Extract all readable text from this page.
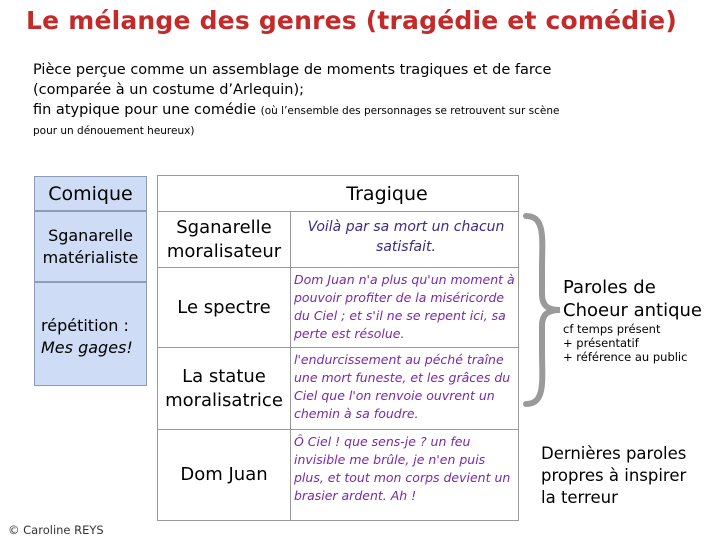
Le mélange des genres (tragédie et comédie)
Pièce perçue comme un assemblage de moments tragiques et de farce
(comparée à un costume d’Arlequin);
fin atypique pour une comédie (où l’ensemble des personnages se retrouvent sur scène
pour un dénouement heureux)
Comique
Sganarelle
matérialiste
répétition :
Mes gages!
Tragique
Sganarelle
moralisateur
Voilà par sa mort un chacun satisfait.
Le spectre
Dom Juan n'a plus qu'un moment à pouvoir profiter de la miséricorde du Ciel ; et s'il ne se repent ici, sa perte est résolue.
La statue
moralisatrice
l'endurcissement au péché traîne une mort funeste, et les grâces du Ciel que l'on renvoie ouvrent un chemin à sa foudre.
Dom Juan
Ô Ciel ! que sens-je ? un feu invisible me brûle, je n'en puis plus, et tout mon corps devient un brasier ardent. Ah !
Paroles de
Choeur antique
cf temps présent
+ présentatif
+ référence au public
Dernières paroles
propres à inspirer
la terreur
© Caroline REYS
